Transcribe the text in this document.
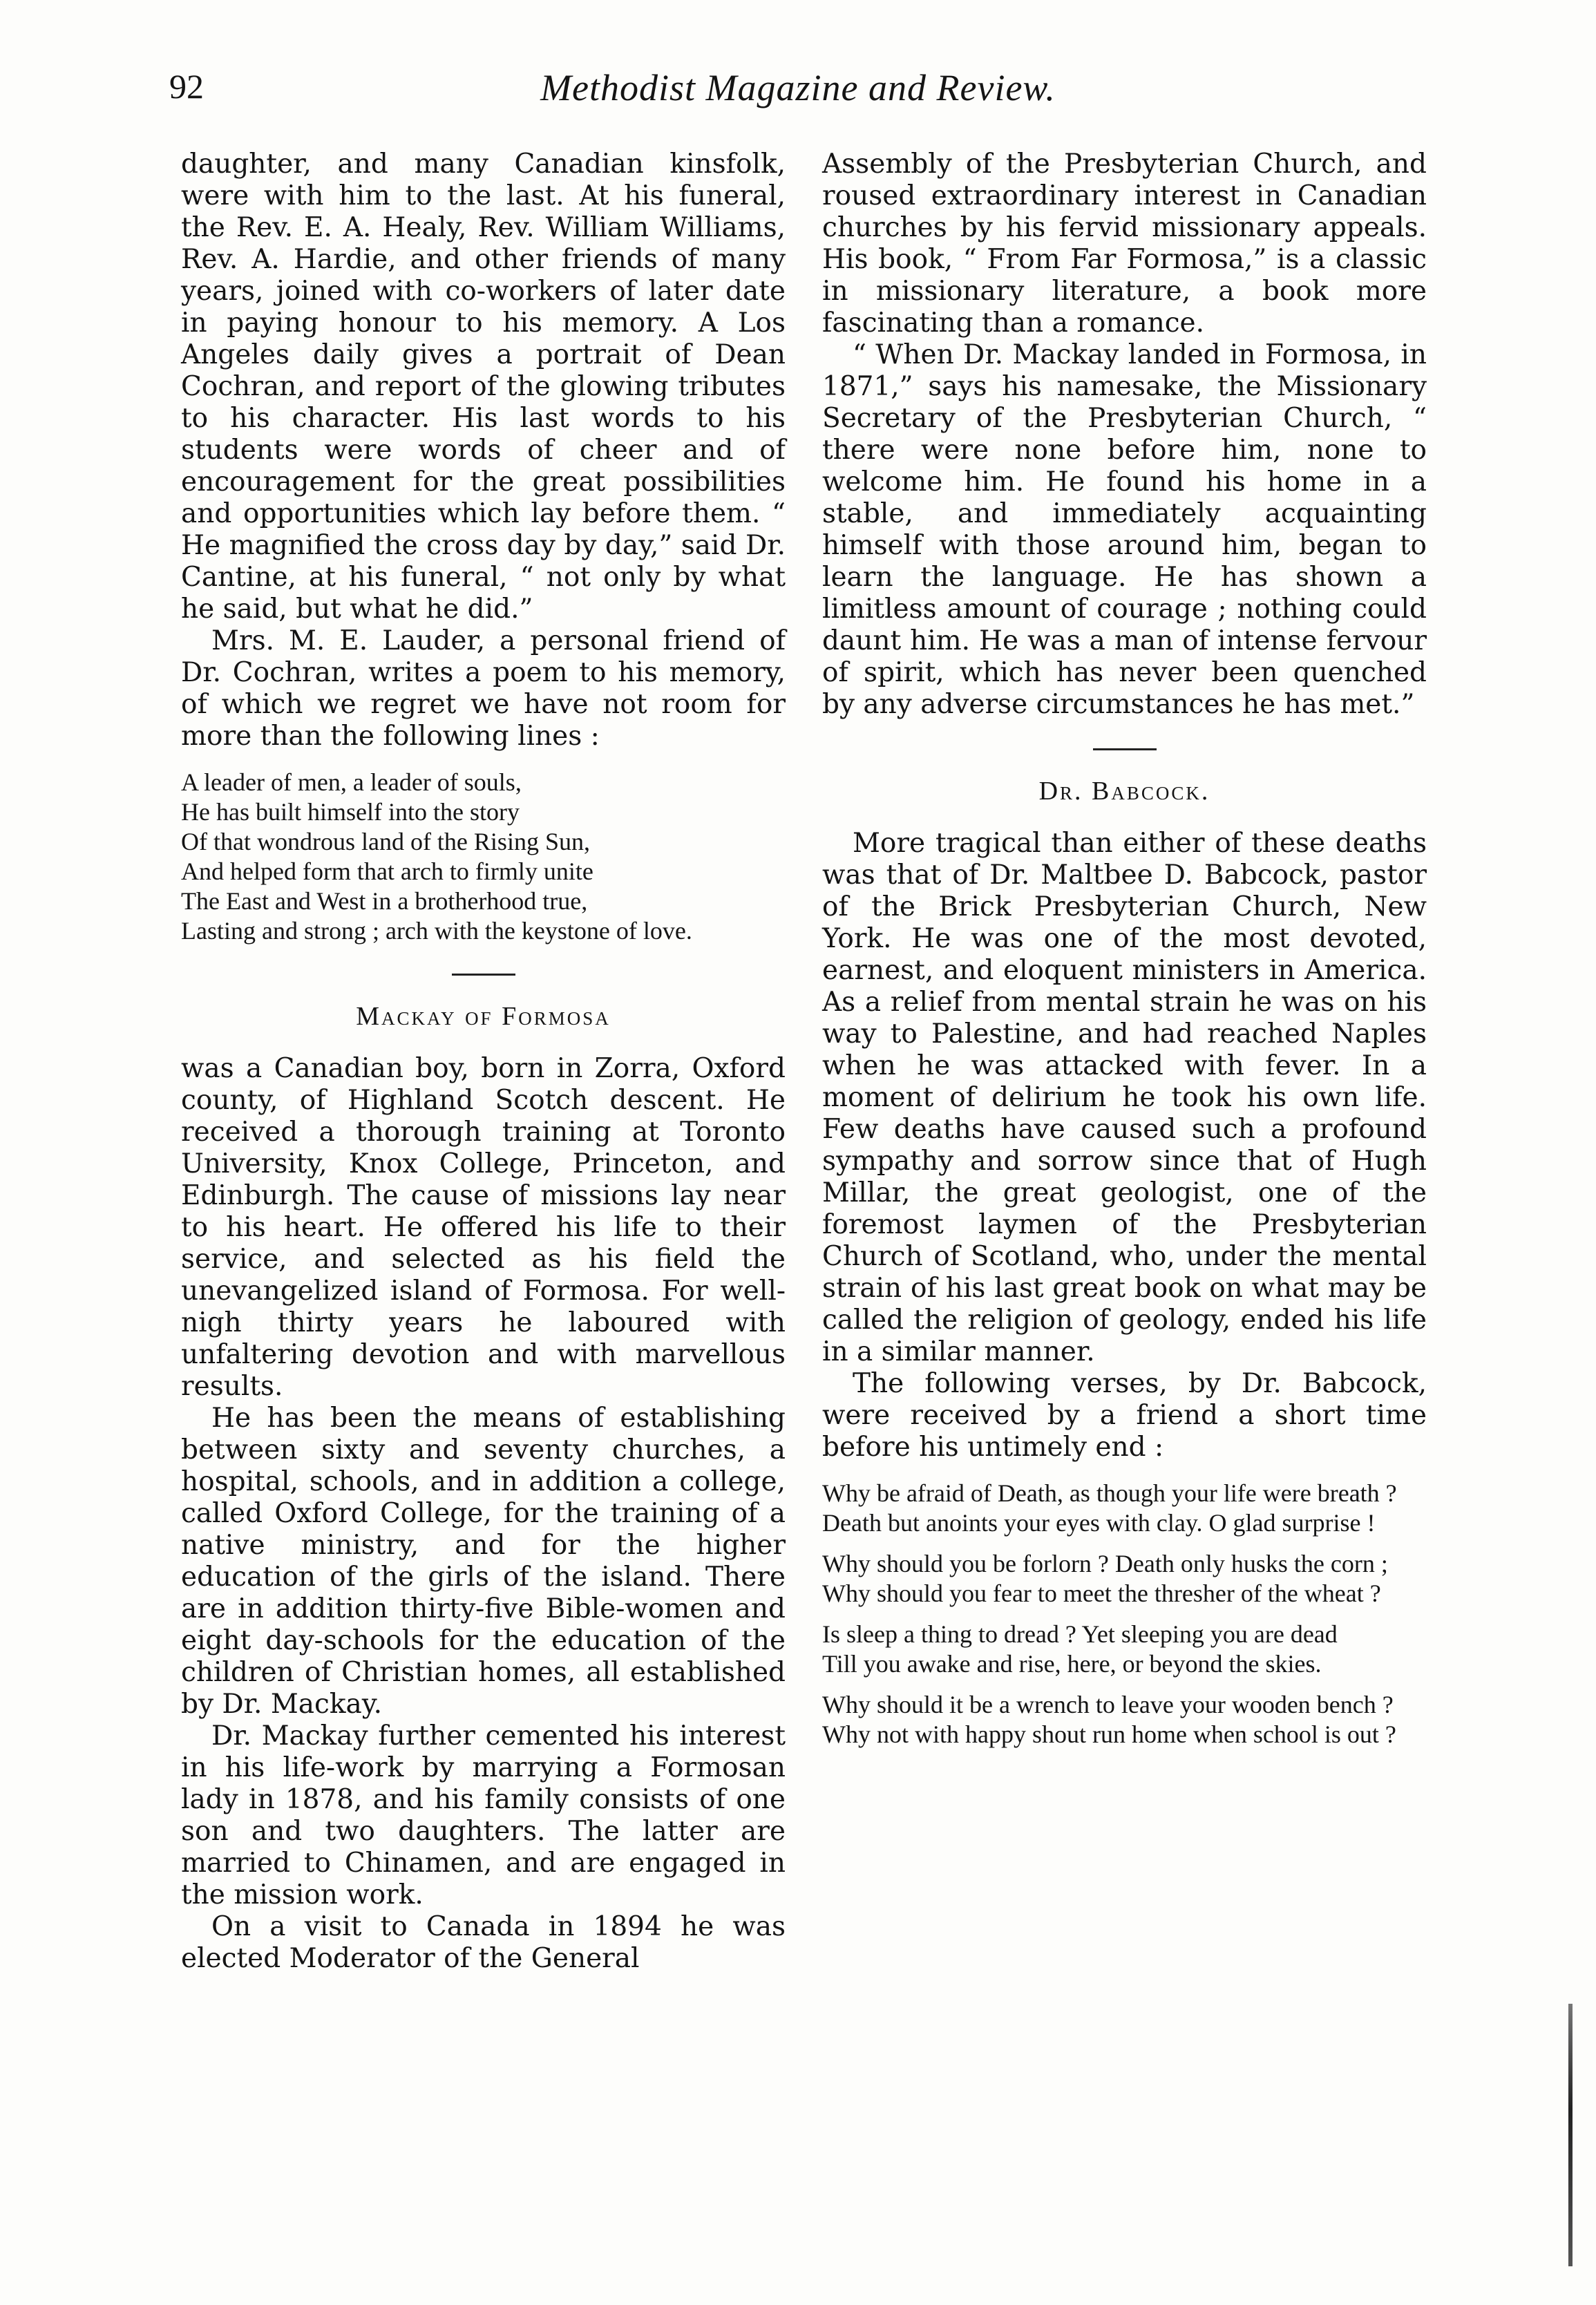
92	Methodist Magazine and Review.

daughter, and many Canadian kinsfolk, were with him to the last. At his funeral, the Rev. E. A. Healy, Rev. William Williams, Rev. A. Hardie, and other friends of many years, joined with co-workers of later date in paying honour to his memory. A Los Angeles daily gives a portrait of Dean Cochran, and report of the glowing tributes to his character. His last words to his students were words of cheer and of encouragement for the great possibilities and opportunities which lay before them. “ He magnified the cross day by day,” said Dr. Cantine, at his funeral, “ not only by what he said, but what he did.”

Mrs. M. E. Lauder, a personal friend of Dr. Cochran, writes a poem to his memory, of which we regret we have not room for more than the following lines :

A leader of men, a leader of souls,
He has built himself into the story
Of that wondrous land of the Rising Sun,
And helped form that arch to firmly unite
The East and West in a brotherhood true,
Lasting and strong ; arch with the keystone of love.
Mackay of Formosa

was a Canadian boy, born in Zorra, Oxford county, of Highland Scotch descent. He received a thorough training at Toronto University, Knox College, Princeton, and Edinburgh. The cause of missions lay near to his heart. He offered his life to their service, and selected as his field the unevangelized island of Formosa. For well-nigh thirty years he laboured with unfaltering devotion and with marvellous results.

He has been the means of establishing between sixty and seventy churches, a hospital, schools, and in addition a college, called Oxford College, for the training of a native ministry, and for the higher education of the girls of the island. There are in addition thirty-five Bible-women and eight day-schools for the education of the children of Christian homes, all established by Dr. Mackay.

Dr. Mackay further cemented his interest in his life-work by marrying a Formosan lady in 1878, and his family consists of one son and two daughters. The latter are married to Chinamen, and are engaged in the mission work.

On a visit to Canada in 1894 he was elected Moderator of the General

Assembly of the Presbyterian Church, and roused extraordinary interest in Canadian churches by his fervid missionary appeals. His book, “ From Far Formosa,” is a classic in missionary literature, a book more fascinating than a romance.

“ When Dr. Mackay landed in Formosa, in 1871,” says his namesake, the Missionary Secretary of the Presbyterian Church, “ there were none before him, none to welcome him. He found his home in a stable, and immediately acquainting himself with those around him, began to learn the language. He has shown a limitless amount of courage ; nothing could daunt him. He was a man of intense fervour of spirit, which has never been quenched by any adverse circumstances he has met.”

Dr. Babcock.

More tragical than either of these deaths was that of Dr. Maltbee D. Babcock, pastor of the Brick Presbyterian Church, New York. He was one of the most devoted, earnest, and eloquent ministers in America. As a relief from mental strain he was on his way to Palestine, and had reached Naples when he was attacked with fever. In a moment of delirium he took his own life. Few deaths have caused such a profound sympathy and sorrow since that of Hugh Millar, the great geologist, one of the foremost laymen of the Presbyterian Church of Scotland, who, under the mental strain of his last great book on what may be called the religion of geology, ended his life in a similar manner.

The following verses, by Dr. Babcock, were received by a friend a short time before his untimely end :

Why be afraid of Death, as though your life were breath ?
Death but anoints your eyes with clay. O glad surprise !
Why should you be forlorn ? Death only husks the corn ;
Why should you fear to meet the thresher of the wheat ?
Is sleep a thing to dread ? Yet sleeping you are dead
Till you awake and rise, here, or beyond the skies.
Why should it be a wrench to leave your wooden bench ?
Why not with happy shout run home when school is out ?
